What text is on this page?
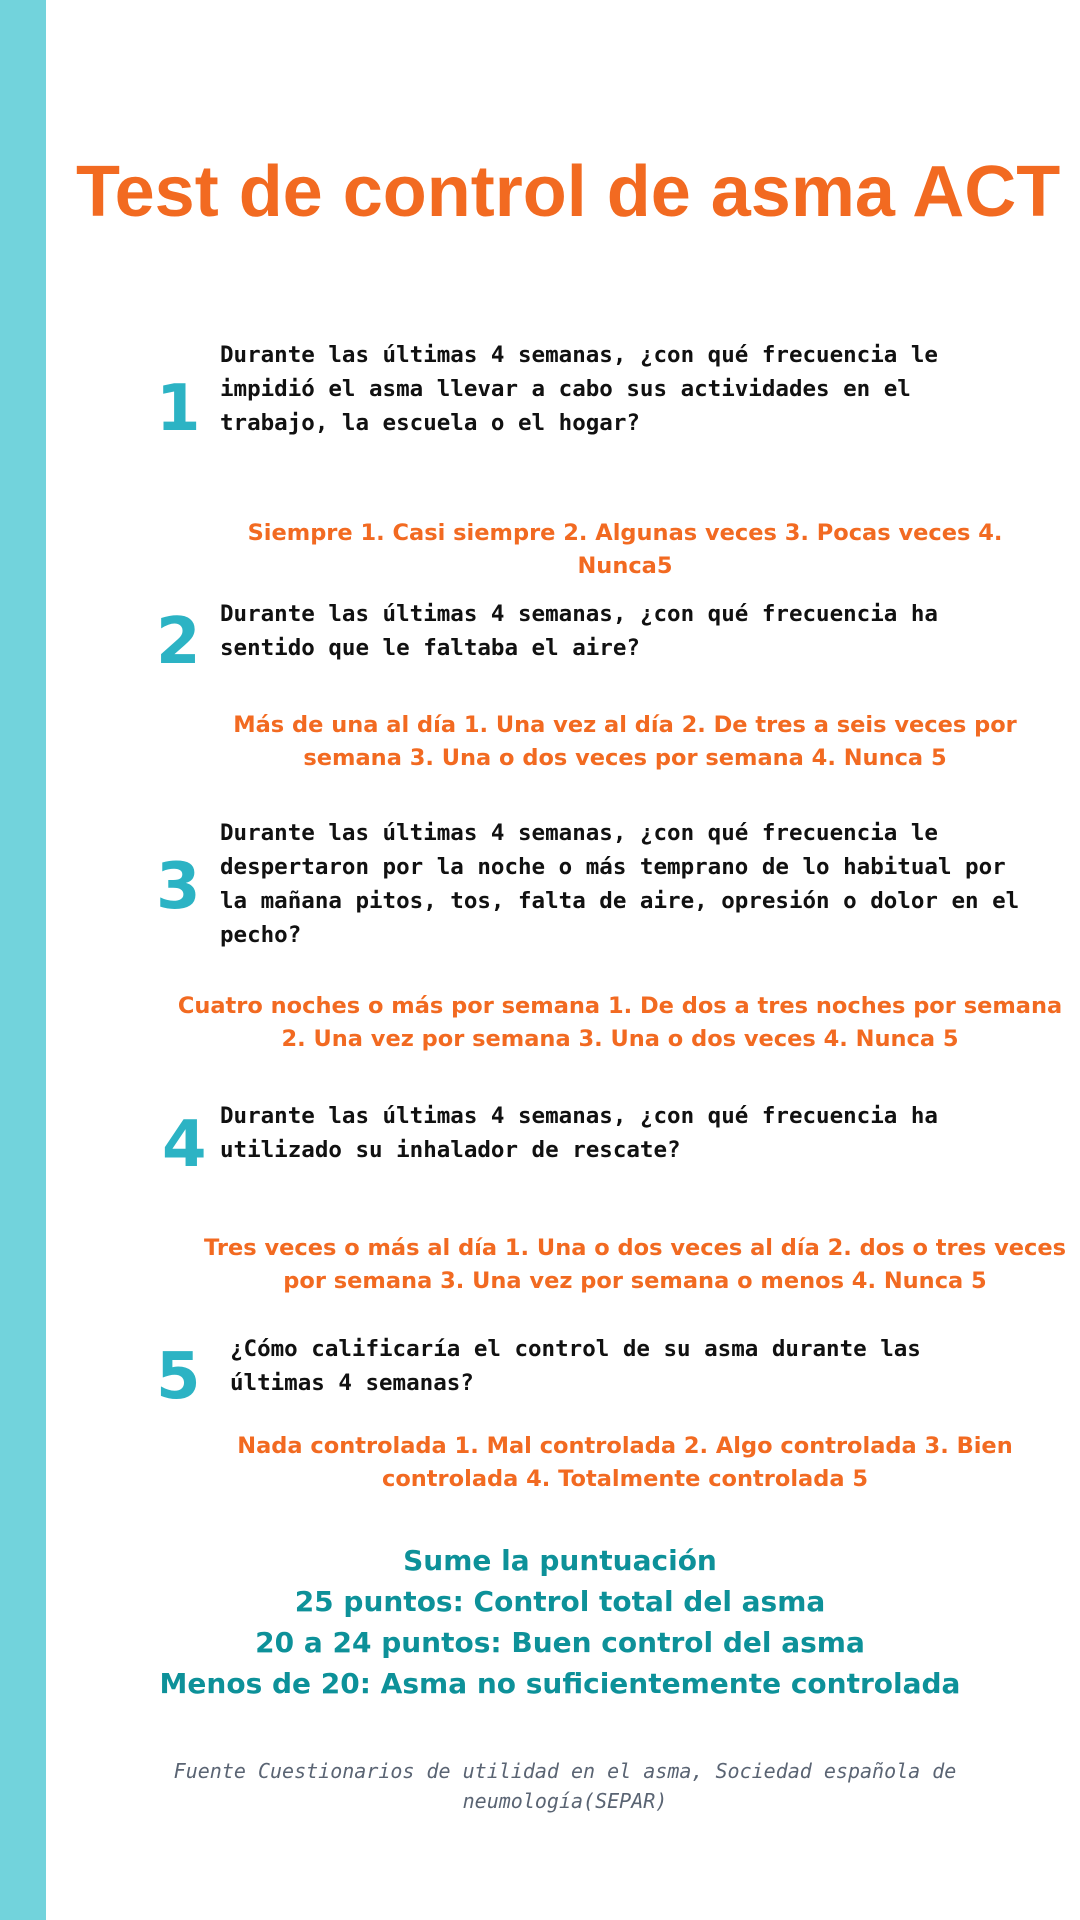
Test de control de asma ACT
1

Durante las últimas 4 semanas, ¿con qué frecuencia le impidió el asma llevar a cabo sus actividades en el trabajo, la escuela o el hogar?

Siempre 1. Casi siempre 2. Algunas veces 3. Pocas veces 4. Nunca5

2 Durante las últimas 4 semanas, ¿con qué frecuencia ha sentido que le faltaba el aire?

Más de una al día 1. Una vez al día 2. De tres a seis veces por semana 3. Una o dos veces por semana 4. Nunca 5

3

Durante las últimas 4 semanas, ¿con qué frecuencia le despertaron por la noche o más temprano de lo habitual por la mañana pitos, tos, falta de aire, opresión o dolor en el pecho?

Cuatro noches o más por semana 1. De dos a tres noches por semana 2. Una vez por semana 3. Una o dos veces 4. Nunca 5

4 Durante las últimas 4 semanas, ¿con qué frecuencia ha utilizado su inhalador de rescate?

Tres veces o más al día 1. Una o dos veces al día 2. dos o tres veces por semana 3. Una vez por semana o menos 4. Nunca 5

5 ¿Cómo calificaría el control de su asma durante las últimas 4 semanas?

Nada controlada 1. Mal controlada 2. Algo controlada 3. Bien controlada 4. Totalmente controlada 5

Sume la puntuación
25 puntos: Control total del asma
20 a 24 puntos: Buen control del asma
Menos de 20: Asma no suficientemente controlada

Fuente Cuestionarios de utilidad en el asma, Sociedad española de neumología(SEPAR)
